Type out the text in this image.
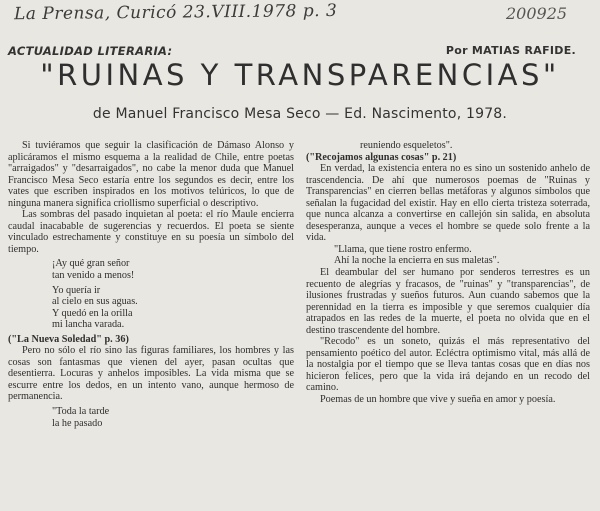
La Prensa, Curicó 23.VIII.1978 p. 3	200925
ACTUALIDAD LITERARIA:	Por MATIAS RAFIDE.
"RUINAS Y TRANSPARENCIAS"
de Manuel Francisco Mesa Seco — Ed. Nascimento, 1978.

Si tuviéramos que seguir la clasificación de Dámaso Alonso y aplicáramos el mismo esquema a la realidad de Chile, entre poetas "arraigados" y "desarraigados", no cabe la menor duda que Manuel Francisco Mesa Seco estaría entre los segundos es decir, entre los vates que escriben inspirados en los motivos telúricos, lo que de ninguna manera significa criollismo superficial o descriptivo.

Las sombras del pasado inquietan al poeta: el río Maule encierra caudal inacabable de sugerencias y recuerdos. El poeta se siente vinculado estrechamente y constituye en su poesía un símbolo del tiempo.

¡Ay qué gran señor
tan venido a menos!
Yo quería ir
al cielo en sus aguas.
Y quedó en la orilla
mi lancha varada.

("La Nueva Soledad" p. 36)

Pero no sólo el río sino las figuras familiares, los hombres y las cosas son fantasmas que vienen del ayer, pasan ocultas que desentierra. Locuras y anhelos imposibles. La vida misma que se escurre entre los dedos, en un intento vano, aunque hermoso de permanencia.

"Toda la tarde
la he pasado

reuniendo esqueletos".

("Recojamos algunas cosas" p. 21)

En verdad, la existencia entera no es sino un sostenido anhelo de trascendencia. De ahí que numerosos poemas de "Ruinas y Transparencias" en cierren bellas metáforas y algunos símbolos que señalan la fugacidad del existir. Hay en ello cierta tristeza soterrada, que nunca alcanza a convertirse en callejón sin salida, en absoluta desesperanza, aunque a veces el hombre se quede solo frente a la vida.

"Llama, que tiene rostro enfermo.

Ahí la noche la encierra en sus maletas".

El deambular del ser humano por senderos terrestres es un recuento de alegrías y fracasos, de "ruinas" y "transparencias", de ilusiones frustradas y sueños futuros. Aun cuando sabemos que la perennidad en la tierra es imposible y que seremos cualquier día atrapados en las redes de la muerte, el poeta no olvida que en el destino trascendente del hombre.

"Recodo" es un soneto, quizás el más representativo del pensamiento poético del autor. Ecléctra optimismo vital, más allá de la nostalgia por el tiempo que se lleva tantas cosas que en días nos hicieron felices, pero que la vida irá dejando en un recodo del camino.

Poemas de un hombre que vive y sueña en amor y poesía.
